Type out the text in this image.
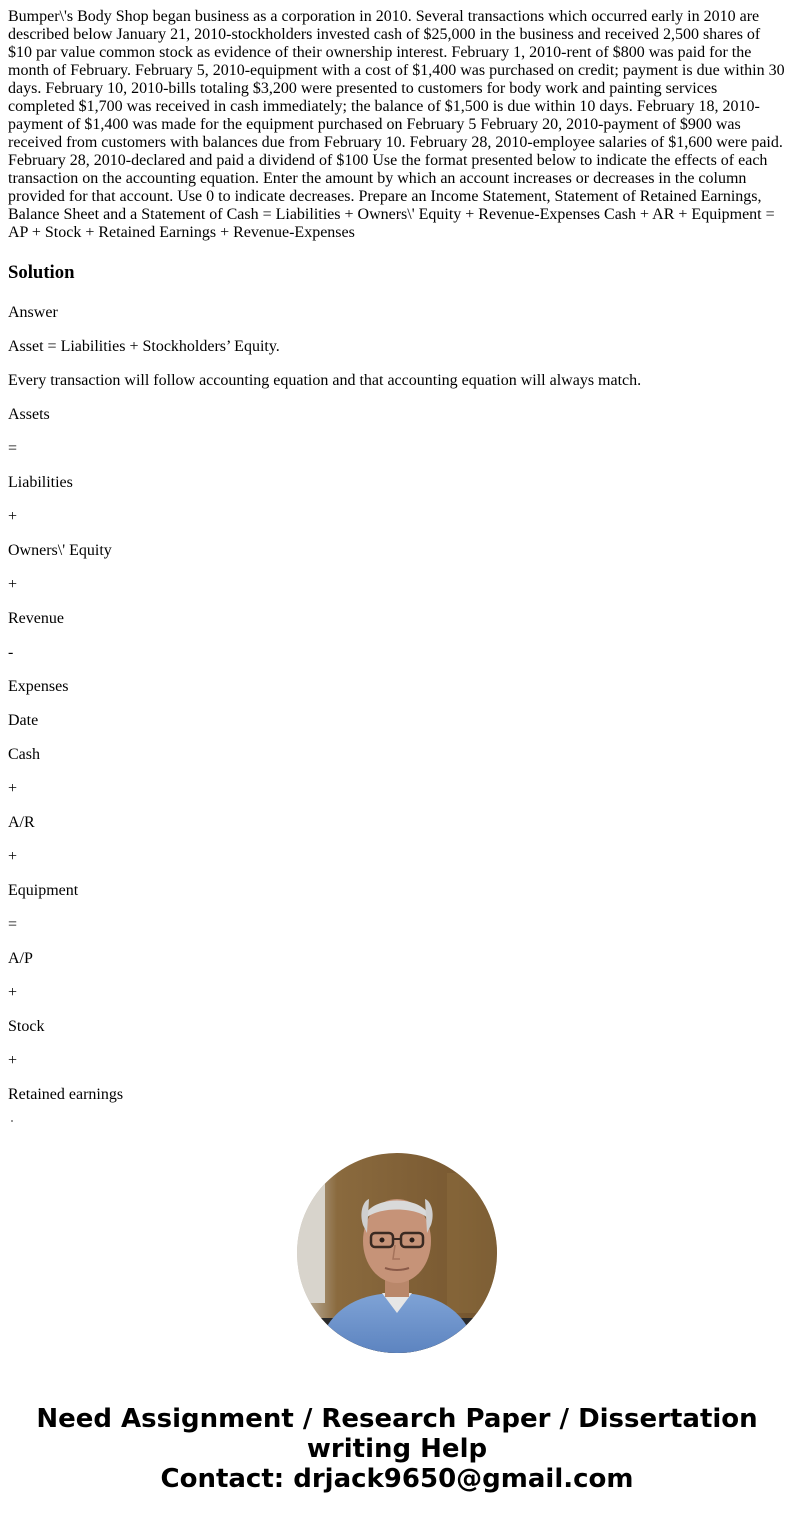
Bumper\'s Body Shop began business as a corporation in 2010. Several transactions which occurred early in 2010 are described below January 21, 2010-stockholders invested cash of $25,000 in the business and received 2,500 shares of $10 par value common stock as evidence of their ownership interest. February 1, 2010-rent of $800 was paid for the month of February. February 5, 2010-equipment with a cost of $1,400 was purchased on credit; payment is due within 30 days. February 10, 2010-bills totaling $3,200 were presented to customers for body work and painting services completed $1,700 was received in cash immediately; the balance of $1,500 is due within 10 days. February 18, 2010-payment of $1,400 was made for the equipment purchased on February 5 February 20, 2010-payment of $900 was received from customers with balances due from February 10. February 28, 2010-employee salaries of $1,600 were paid. February 28, 2010-declared and paid a dividend of $100 Use the format presented below to indicate the effects of each transaction on the accounting equation. Enter the amount by which an account increases or decreases in the column provided for that account. Use 0 to indicate decreases. Prepare an Income Statement, Statement of Retained Earnings, Balance Sheet and a Statement of Cash = Liabilities + Owners\' Equity + Revenue-Expenses Cash + AR + Equipment = AP + Stock + Retained Earnings + Revenue-Expenses

Solution

Answer

Asset = Liabilities + Stockholders’ Equity.

Every transaction will follow accounting equation and that accounting equation will always match.

Assets

=

Liabilities

+

Owners\' Equity

+

Revenue

-

Expenses

Date

Cash

+

A/R

+

Equipment

=

A/P

+

Stock

+

Retained earnings

Need Assignment / Research Paper / Dissertation
writing Help
Contact: drjack9650@gmail.com
